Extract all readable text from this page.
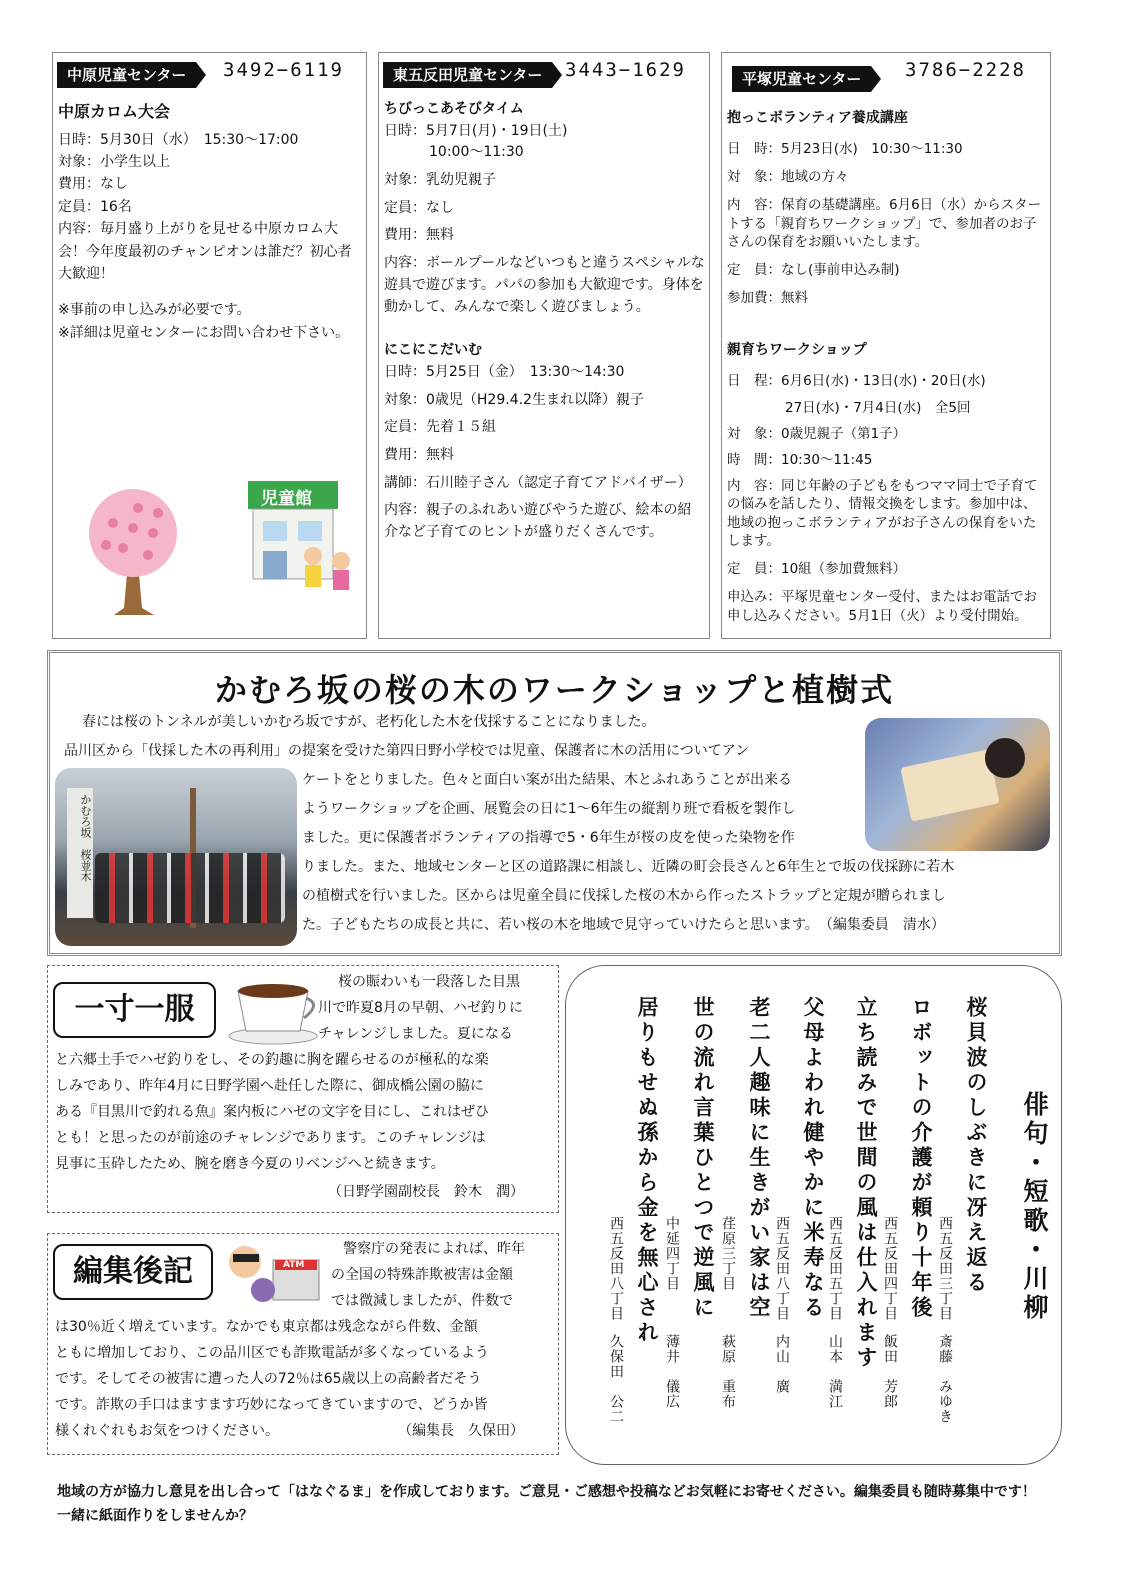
中原児童センター	3492−6119

中原カロム大会

日時：5月30日（水）　15:30〜17:00

対象：小学生以上

費用：なし

定員：16名

内容：毎月盛り上がりを見せる中原カロム大会！今年度最初のチャンピオンは誰だ？初心者大歓迎！

※事前の申し込みが必要です。

※詳細は児童センターにお問い合わせ下さい。

児童館
東五反田児童センター	3443−1629

ちびっこあそびタイム

日時：5月7日(月)・19日(土)

10:00〜11:30

対象：乳幼児親子

定員：なし

費用：無料

内容：ボールプールなどいつもと違うスペシャルな遊具で遊びます。パパの参加も大歓迎です。身体を動かして、みんなで楽しく遊びましょう。

にこにこだいむ

日時：5月25日（金）　13:30〜14:30

対象：0歳児（H29.4.2生まれ以降）親子

定員：先着１５組

費用：無料

講師：石川睦子さん（認定子育てアドバイザー）

内容：親子のふれあい遊びやうた遊び、絵本の紹介など子育てのヒントが盛りだくさんです。

平塚児童センター	3786−2228

抱っこボランティア養成講座

日　時：5月23日(水)　10:30〜11:30

対　象：地域の方々

内　容：保育の基礎講座。6月6日（水）からスタートする「親育ちワークショップ」で、参加者のお子さんの保育をお願いいたします。

定　員：なし(事前申込み制)

参加費：無料

親育ちワークショップ

日　程：6月6日(水)・13日(水)・20日(水)

27日(水)・7月4日(水)　全5回

対　象：0歳児親子（第1子）

時　間：10:30〜11:45

内　容：同じ年齢の子どもをもつママ同士で子育ての悩みを話したり、情報交換をします。参加中は、地域の抱っこボランティアがお子さんの保育をいたします。

定　員：10組（参加費無料）

申込み：平塚児童センター受付、またはお電話でお申し込みください。5月1日（火）より受付開始。

かむろ坂の桜の木のワークショップと植樹式
春には桜のトンネルが美しいかむろ坂ですが、老朽化した木を伐採することになりました。
品川区から「伐採した木の再利用」の提案を受けた第四日野小学校では児童、保護者に木の活用についてアン
ケートをとりました。色々と面白い案が出た結果、木とふれあうことが出来る
ようワークショップを企画、展覧会の日に1〜6年生の縦割り班で看板を製作し
ました。更に保護者ボランティアの指導で5・6年生が桜の皮を使った染物を作
りました。また、地域センターと区の道路課に相談し、近隣の町会長さんと6年生とで坂の伐採跡に若木
の植樹式を行いました。区からは児童全員に伐採した桜の木から作ったストラップと定規が贈られまし
た。子どもたちの成長と共に、若い桜の木を地域で見守っていけたらと思います。　（編集委員　清水）
かむろ坂　桜並木
一寸一服
桜の賑わいも一段落した目黒
川で昨夏8月の早朝、ハゼ釣りに
チャレンジしました。夏になる
と六郷土手でハゼ釣りをし、その釣趣に胸を躍らせるのが極私的な楽
しみであり、昨年4月に日野学園へ赴任した際に、御成橋公園の脇に
ある『目黒川で釣れる魚』案内板にハゼの文字を目にし、これはぜひ
とも！と思ったのが前途のチャレンジであります。このチャレンジは
見事に玉砕したため、腕を磨き今夏のリベンジへと続きます。
（日野学園副校長　鈴木　潤）
編集後記	ATM
警察庁の発表によれば、昨年
の全国の特殊詐欺被害は金額
では微減しましたが、件数で
は30％近く増えています。なかでも東京都は残念ながら件数、金額
ともに増加しており、この品川区でも詐欺電話が多くなっているよう
です。そしてその被害に遭った人の72％は65歳以上の高齢者だそう
です。詐欺の手口はますます巧妙になってきていますので、どうか皆
様くれぐれもお気をつけください。	（編集長　久保田）
俳句・短歌・川柳
桜貝波のしぶきに冴え返る
西五反田三丁目
斎藤　みゆき
ロボットの介護が頼り十年後
西五反田四丁目
飯田　芳郎
立ち読みで世間の風は仕入れます
西五反田五丁目
山本　満江
父母よわれ健やかに米寿なる
西五反田八丁目
内山　廣
老二人趣味に生きがい家は空
荏原三丁目
萩原　重布
世の流れ言葉ひとつで逆風に
中延四丁目
薄井　儀広
居りもせぬ孫から金を無心され
西五反田八丁目
久保田　公二
地域の方が協力し意見を出し合って「はなぐるま」を作成しております。ご意見・ご感想や投稿などお気軽にお寄せください。編集委員も随時募集中です！一緒に紙面作りをしませんか？
